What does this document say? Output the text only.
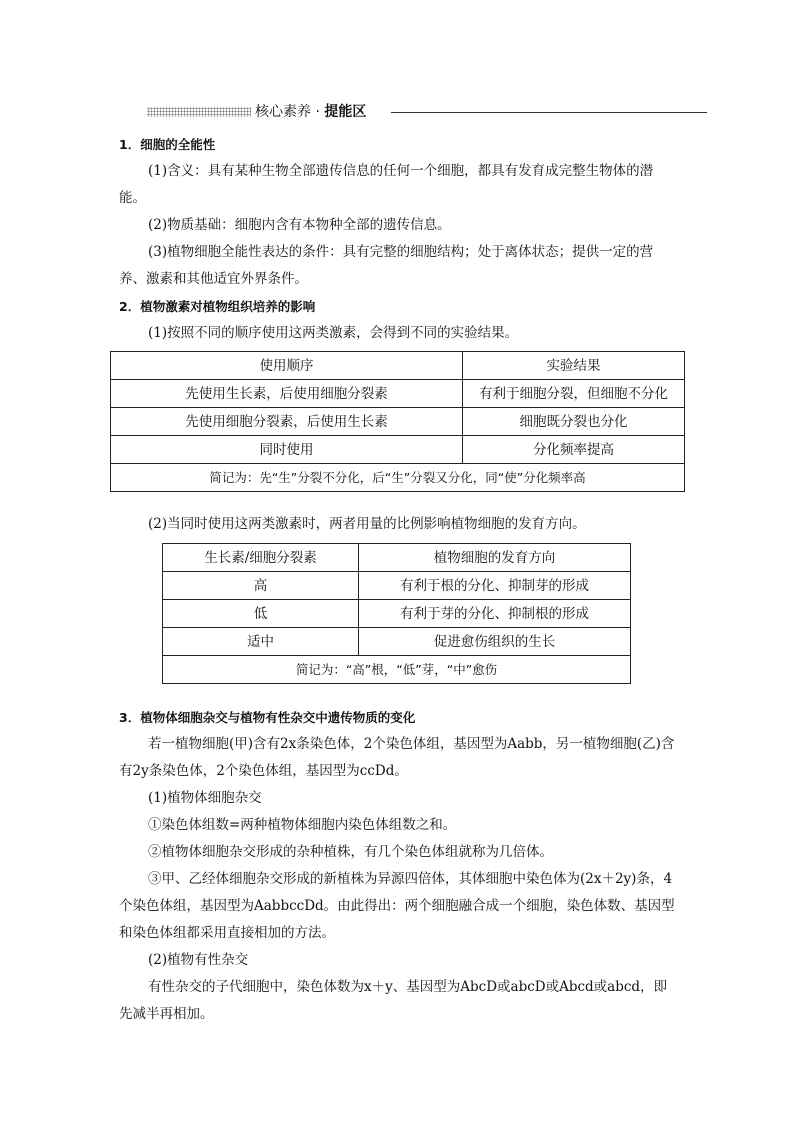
核心素养 · 提能区
1．细胞的全能性
(1)含义：具有某种生物全部遗传信息的任何一个细胞，都具有发育成完整生物体的潜能。
(2)物质基础：细胞内含有本物种全部的遗传信息。
(3)植物细胞全能性表达的条件：具有完整的细胞结构；处于离体状态；提供一定的营养、激素和其他适宜外界条件。
2．植物激素对植物组织培养的影响
(1)按照不同的顺序使用这两类激素，会得到不同的实验结果。
使用顺序	实验结果
先使用生长素，后使用细胞分裂素	有利于细胞分裂，但细胞不分化
先使用细胞分裂素，后使用生长素	细胞既分裂也分化
同时使用	分化频率提高
简记为：先“生”分裂不分化，后“生”分裂又分化，同“使”分化频率高	
(2)当同时使用这两类激素时，两者用量的比例影响植物细胞的发育方向。
生长素/细胞分裂素	植物细胞的发育方向
高	有利于根的分化、抑制芽的形成
低	有利于芽的分化、抑制根的形成
适中	促进愈伤组织的生长
简记为：“高”根，“低”芽，“中”愈伤	
3．植物体细胞杂交与植物有性杂交中遗传物质的变化
若一植物细胞(甲)含有2x条染色体，2个染色体组，基因型为Aabb，另一植物细胞(乙)含有2y条染色体，2个染色体组，基因型为ccDd。
(1)植物体细胞杂交
①染色体组数=两种植物体细胞内染色体组数之和。
②植物体细胞杂交形成的杂种植株，有几个染色体组就称为几倍体。
③甲、乙经体细胞杂交形成的新植株为异源四倍体，其体细胞中染色体为(2x＋2y)条，4个染色体组，基因型为AabbccDd。由此得出：两个细胞融合成一个细胞，染色体数、基因型和染色体组都采用直接相加的方法。
(2)植物有性杂交
有性杂交的子代细胞中，染色体数为x＋y、基因型为AbcD或abcD或Abcd或abcd，即先减半再相加。
